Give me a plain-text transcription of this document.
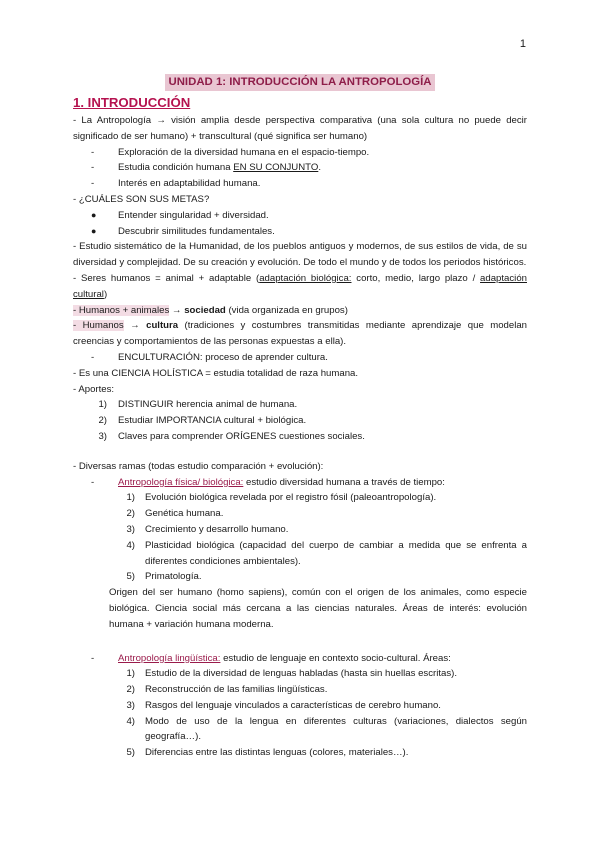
1
UNIDAD 1: INTRODUCCIÓN LA ANTROPOLOGÍA
1. INTRODUCCIÓN

- La Antropología → visión amplia desde perspectiva comparativa (una sola cultura no puede decir significado de ser humano) + transcultural (qué significa ser humano)

-	Exploración de la diversidad humana en el espacio-tiempo.
-	Estudia condición humana EN SU CONJUNTO.
-	Interés en adaptabilidad humana.

- ¿CUÁLES SON SUS METAS?

●	Entender singularidad + diversidad.
●	Descubrir similitudes fundamentales.

- Estudio sistemático de la Humanidad, de los pueblos antiguos y modernos, de sus estilos de vida, de su diversidad y complejidad. De su creación y evolución. De todo el mundo y de todos los periodos históricos.

- Seres humanos = animal + adaptable (adaptación biológica: corto, medio, largo plazo / adaptación cultural)

- Humanos + animales → sociedad (vida organizada en grupos)

- Humanos → cultura (tradiciones y costumbres transmitidas mediante aprendizaje que modelan creencias y comportamientos de las personas expuestas a ella).

-	ENCULTURACIÓN: proceso de aprender cultura.

- Es una CIENCIA HOLÍSTICA = estudia totalidad de raza humana.

- Aportes:

1)	DISTINGUIR herencia animal de humana.
2)	Estudiar IMPORTANCIA cultural + biológica.
3)	Claves para comprender ORÍGENES cuestiones sociales.

- Diversas ramas (todas estudio comparación + evolución):

-	Antropología física/ biológica: estudio diversidad humana a través de tiempo:
1)	Evolución biológica revelada por el registro fósil (paleoantropología).
2)	Genética humana.
3)	Crecimiento y desarrollo humano.
4)	Plasticidad biológica (capacidad del cuerpo de cambiar a medida que se enfrenta a diferentes condiciones ambientales).
5)	Primatología.

Origen del ser humano (homo sapiens), común con el origen de los animales, como especie biológica. Ciencia social más cercana a las ciencias naturales. Áreas de interés: evolución humana + variación humana moderna.

-	Antropología lingüística: estudio de lenguaje en contexto socio-cultural. Áreas:
1)	Estudio de la diversidad de lenguas habladas (hasta sin huellas escritas).
2)	Reconstrucción de las familias lingüísticas.
3)	Rasgos del lenguaje vinculados a características de cerebro humano.
4)	Modo de uso de la lengua en diferentes culturas (variaciones, dialectos según geografía…).
5)	Diferencias entre las distintas lenguas (colores, materiales…).
